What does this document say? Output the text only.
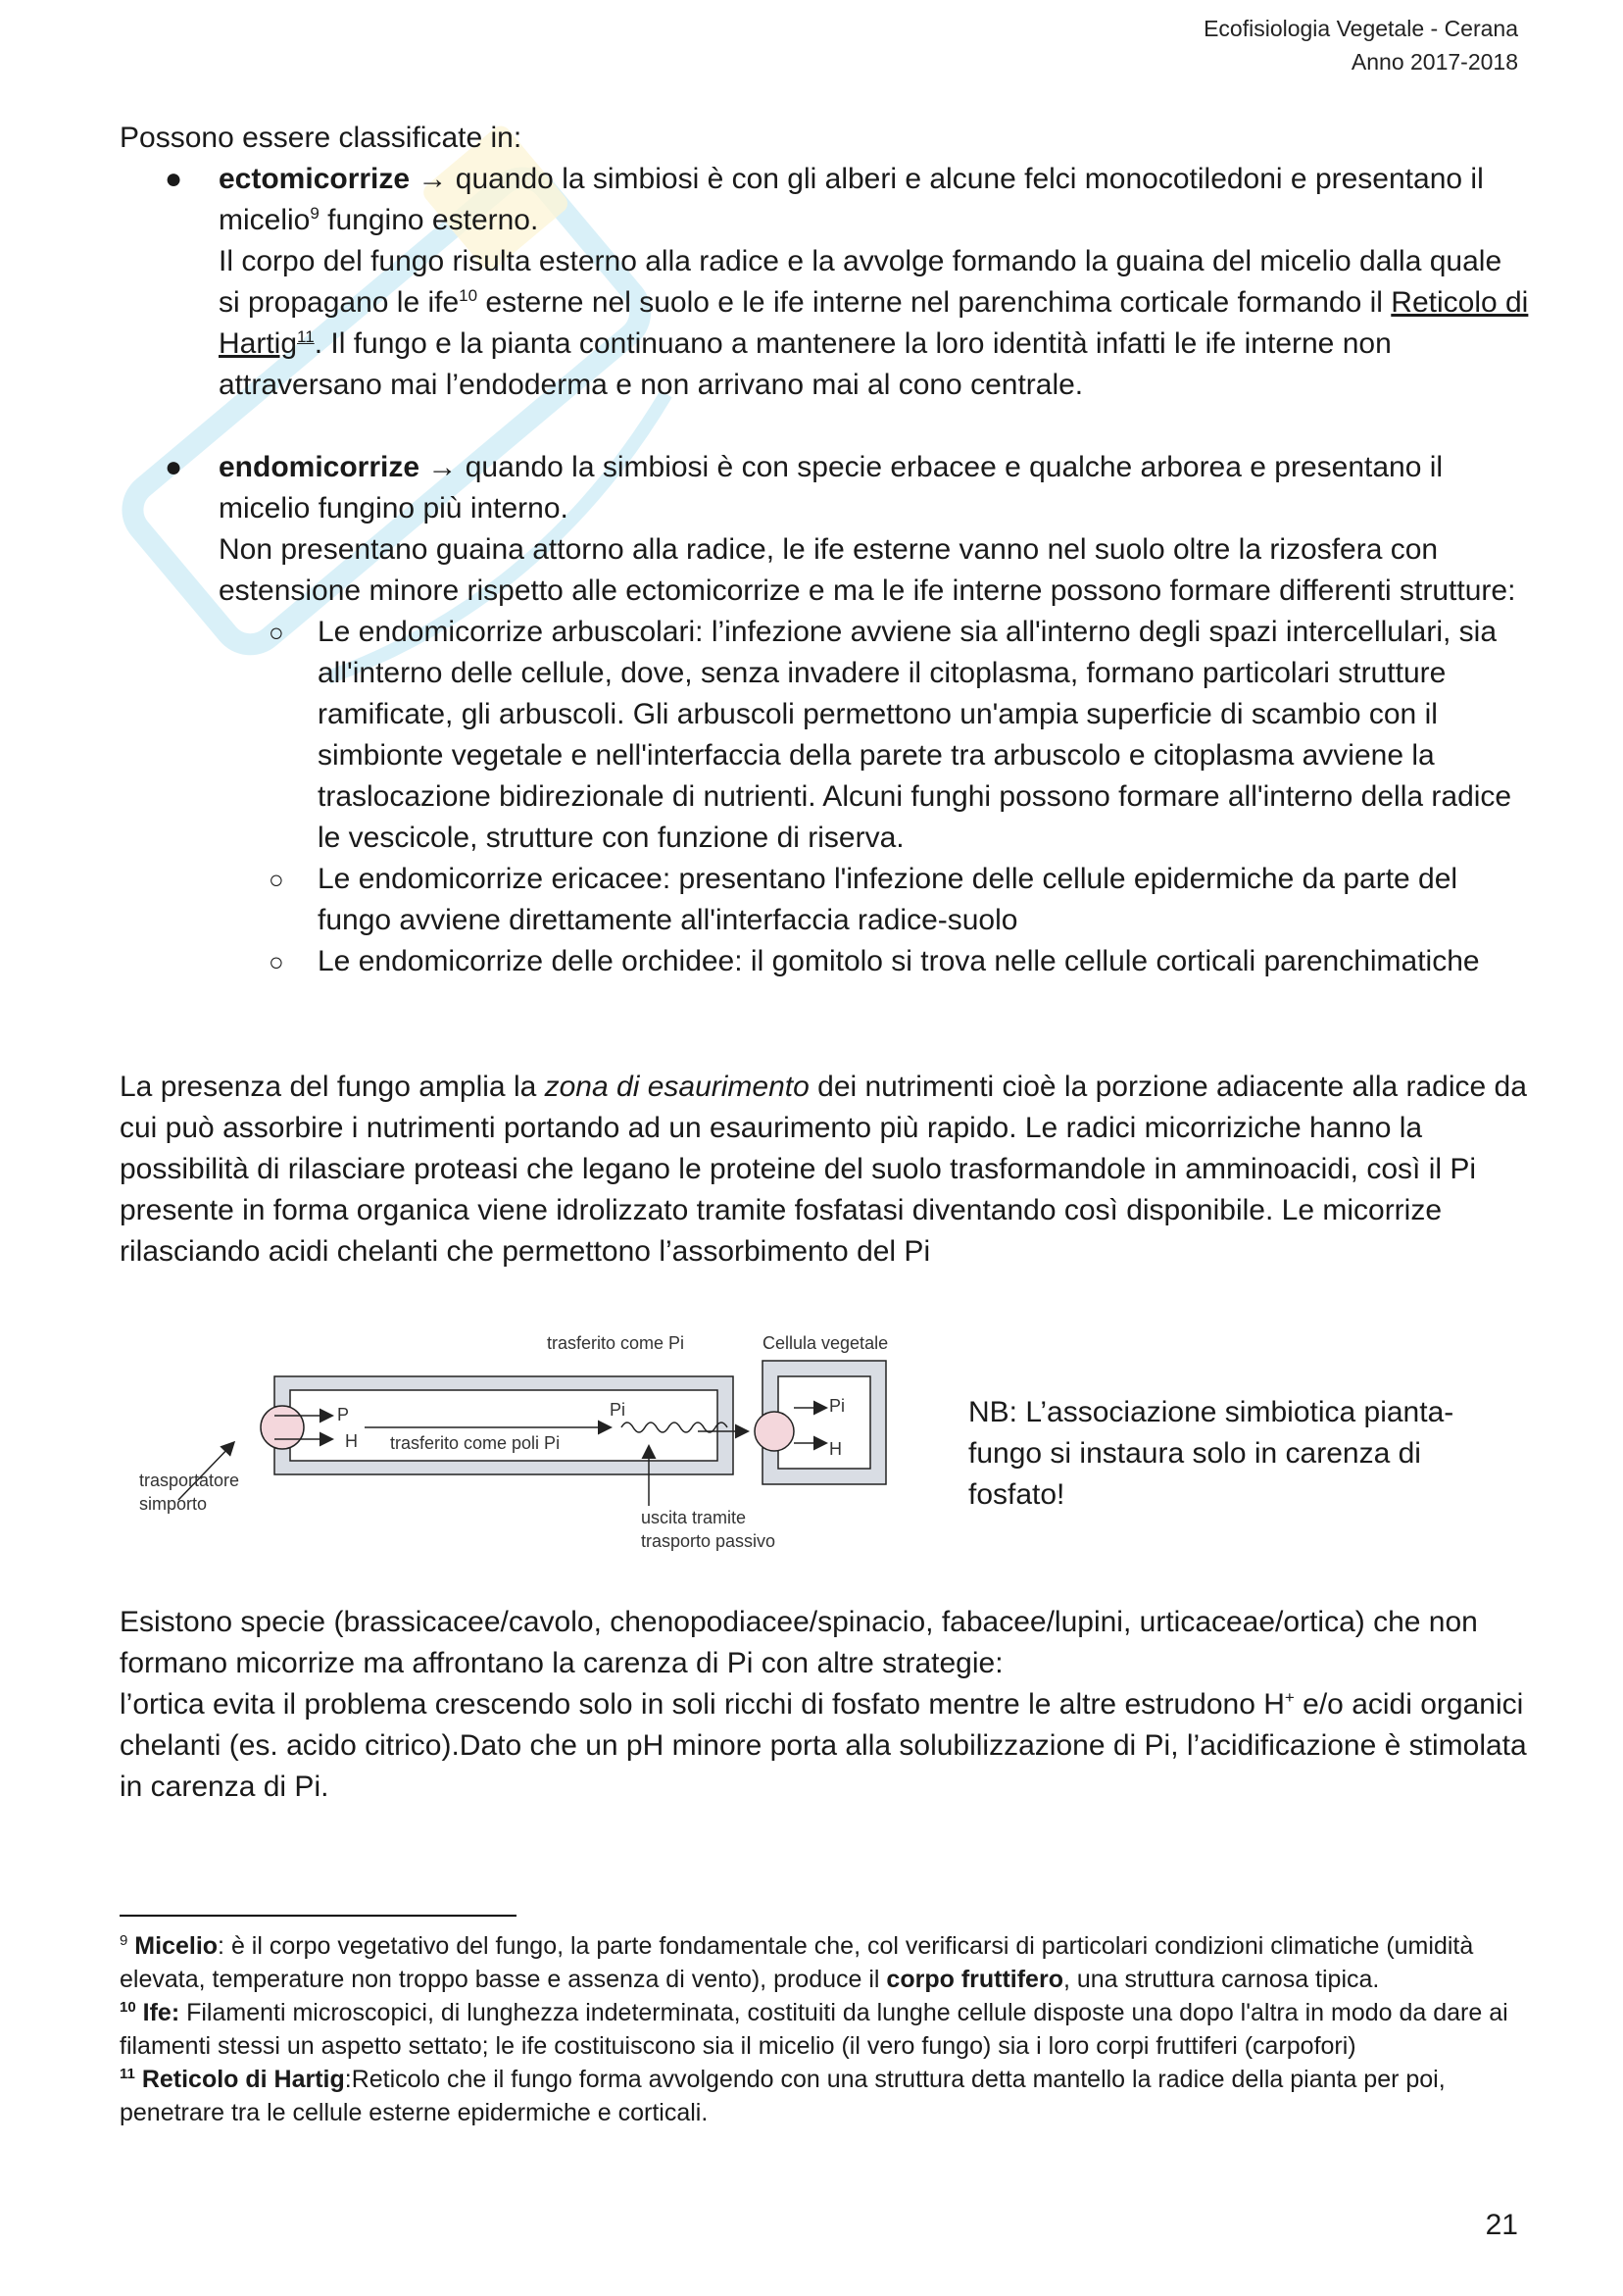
Ecofisiologia Vegetale - Cerana
Anno 2017-2018
Possono essere classificate in:
● ectomicorrize → quando la simbiosi è con gli alberi e alcune felci monocotiledoni e presentano il micelio$^9$ fungino esterno.
Il corpo del fungo risulta esterno alla radice e la avvolge formando la guaina del micelio dalla quale si propagano le ife$^{10}$ esterne nel suolo e le ife interne nel parenchima corticale formando il Reticolo di Hartig$^{11}$. Il fungo e la pianta continuano a mantenere la loro identità infatti le ife interne non attraversano mai l’endoderma e non arrivano mai al cono centrale.
● endomicorrize → quando la simbiosi è con specie erbacee e qualche arborea e presentano il micelio fungino più interno.
Non presentano guaina attorno alla radice, le ife esterne vanno nel suolo oltre la rizosfera con estensione minore rispetto alle ectomicorrize e ma le ife interne possono formare differenti strutture:
○ Le endomicorrize arbuscolari: l’infezione avviene sia all'interno degli spazi intercellulari, sia all'interno delle cellule, dove, senza invadere il citoplasma, formano particolari strutture ramificate, gli arbuscoli. Gli arbuscoli permettono un'ampia superficie di scambio con il simbionte vegetale e nell'interfaccia della parete tra arbuscolo e citoplasma avviene la traslocazione bidirezionale di nutrienti. Alcuni funghi possono formare all'interno della radice le vescicole, strutture con funzione di riserva.
○ Le endomicorrize ericacee: presentano l'infezione delle cellule epidermiche da parte del fungo avviene direttamente all'interfaccia radice-suolo
○ Le endomicorrize delle orchidee: il gomitolo si trova nelle cellule corticali parenchimatiche
La presenza del fungo amplia la zona di esaurimento dei nutrimenti cioè la porzione adiacente alla radice da cui può assorbire i nutrimenti portando ad un esaurimento più rapido. Le radici micorriziche hanno la possibilità di rilasciare proteasi che legano le proteine del suolo trasformandole in amminoacidi, così il Pi presente in forma organica viene idrolizzato tramite fosfatasi diventando così disponibile. Le micorrize rilasciando acidi chelanti che permettono l’assorbimento del Pi
trasferito come Pi	Cellula vegetale
P
H trasferito come poli Pi
Pi	Pi
H
trasportatore
simporto
uscita tramite
trasporto passivo
NB: L’associazione simbiotica pianta-fungo si instaura solo in carenza di fosfato!
Esistono specie (brassicacee/cavolo, chenopodiacee/spinacio, fabacee/lupini, urticaceae/ortica) che non formano micorrize ma affrontano la carenza di Pi con altre strategie:
l’ortica evita il problema crescendo solo in soli ricchi di fosfato mentre le altre estrudono H+ e/o acidi organici chelanti (es. acido citrico).Dato che un pH minore porta alla solubilizzazione di Pi, l’acidificazione è stimolata in carenza di Pi.
$^9$ Micelio: è il corpo vegetativo del fungo, la parte fondamentale che, col verificarsi di particolari condizioni climatiche (umidità elevata, temperature non troppo basse e assenza di vento), produce il corpo fruttifero, una struttura carnosa tipica.
$^{10}$ Ife: Filamenti microscopici, di lunghezza indeterminata, costituiti da lunghe cellule disposte una dopo l'altra in modo da dare ai filamenti stessi un aspetto settato; le ife costituiscono sia il micelio (il vero fungo) sia i loro corpi fruttiferi (carpofori)
$^{11}$ Reticolo di Hartig:Reticolo che il fungo forma avvolgendo con una struttura detta mantello la radice della pianta per poi, penetrare tra le cellule esterne epidermiche e corticali.
21
